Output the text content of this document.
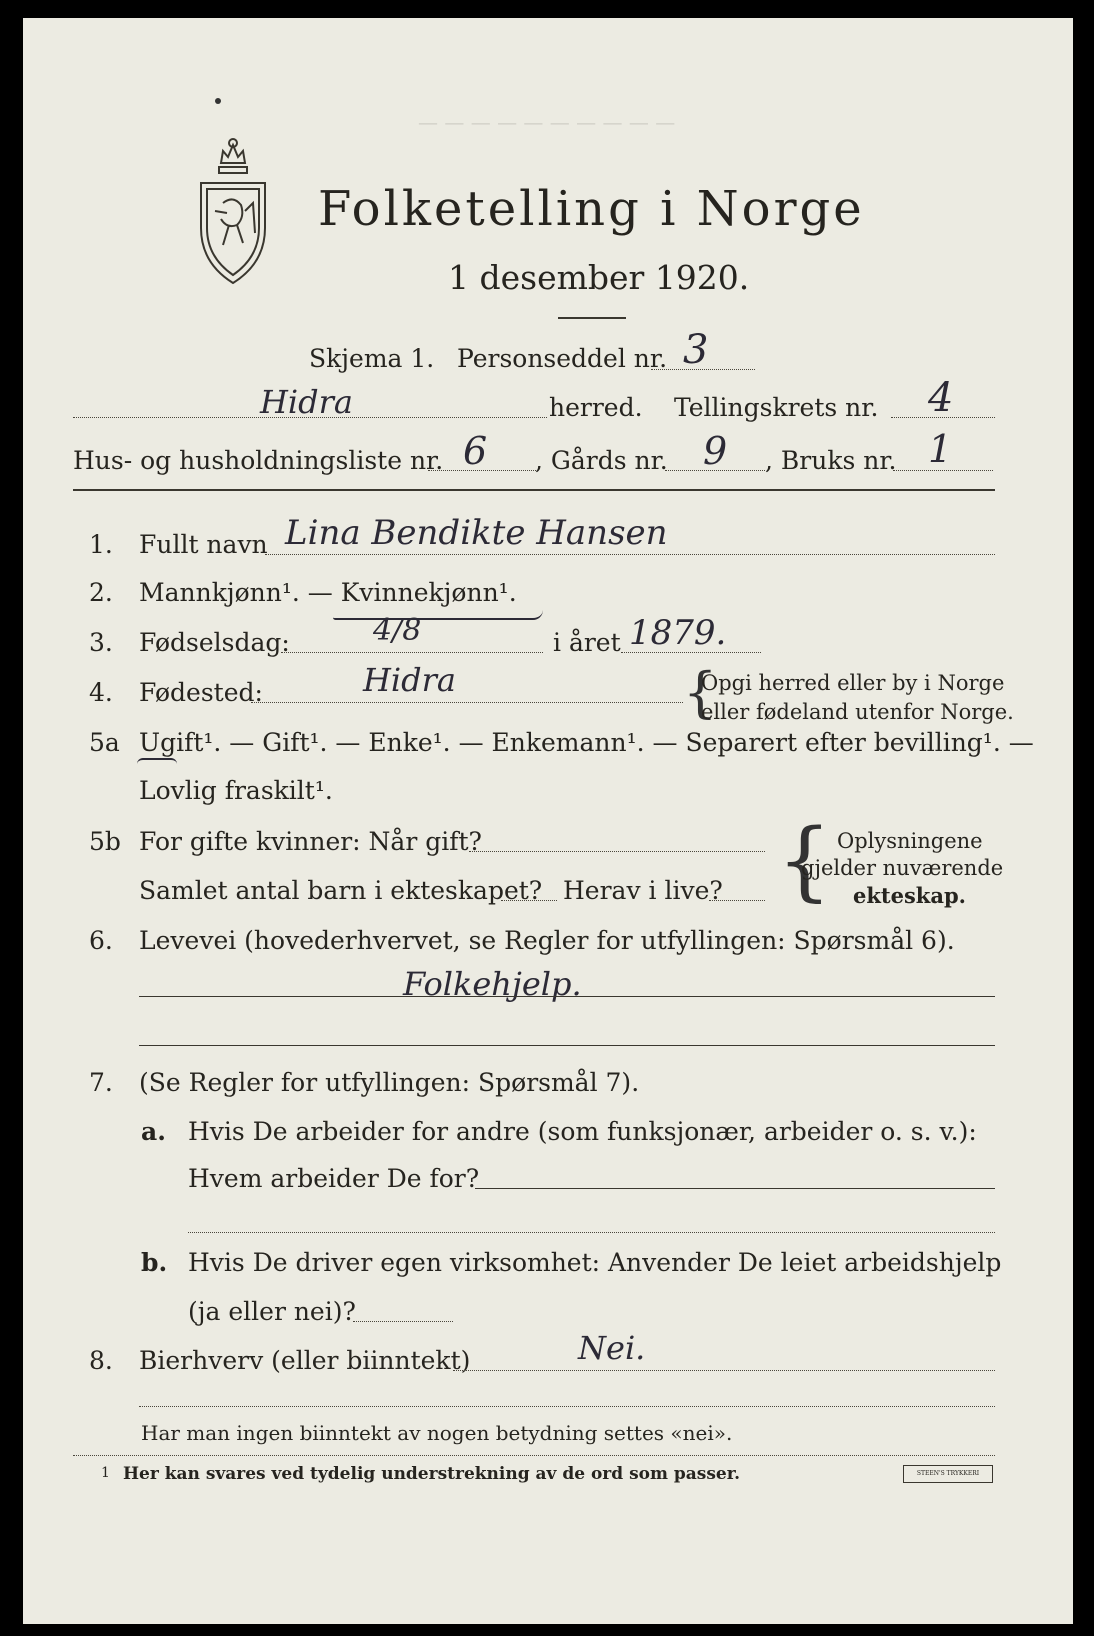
— — — — — — — — — —
Folketelling i Norge
1 desember 1920.
Skjema 1. Personseddel nr. 3
Hidra	herred. Tellingskrets nr. 4
Hus- og husholdningsliste nr. 6 , Gårds nr. 9 , Bruks nr. 1
1. Fullt navn Lina Bendikte Hansen
2. Mannkjønn¹. — Kvinnekjønn¹.
3. Fødselsdag:	4/8	i året 1879.
4. Fødested:	Hidra	{
Opgi herred eller by i Norge
eller fødeland utenfor Norge.
5a Ugift¹. — Gift¹. — Enke¹. — Enkemann¹. — Separert efter bevilling¹. —
Lovlig fraskilt¹.
5b For gifte kvinner: Når gift?
Samlet antal barn i ekteskapet? Herav i live? { Oplysningene
gjelder nuværende
ekteskap.
6. Levevei (hovederhvervet, se Regler for utfyllingen: Spørsmål 6).
Folkehjelp.
7. (Se Regler for utfyllingen: Spørsmål 7).
a. Hvis De arbeider for andre (som funksjonær, arbeider o. s. v.):
Hvem arbeider De for?
b. Hvis De driver egen virksomhet: Anvender De leiet arbeidshjelp
(ja eller nei)?
8. Bierhverv (eller biinntekt)	Nei.
Har man ingen biinntekt av nogen betydning settes «nei».
1 Her kan svares ved tydelig understrekning av de ord som passer.	STEEN'S TRYKKERI
